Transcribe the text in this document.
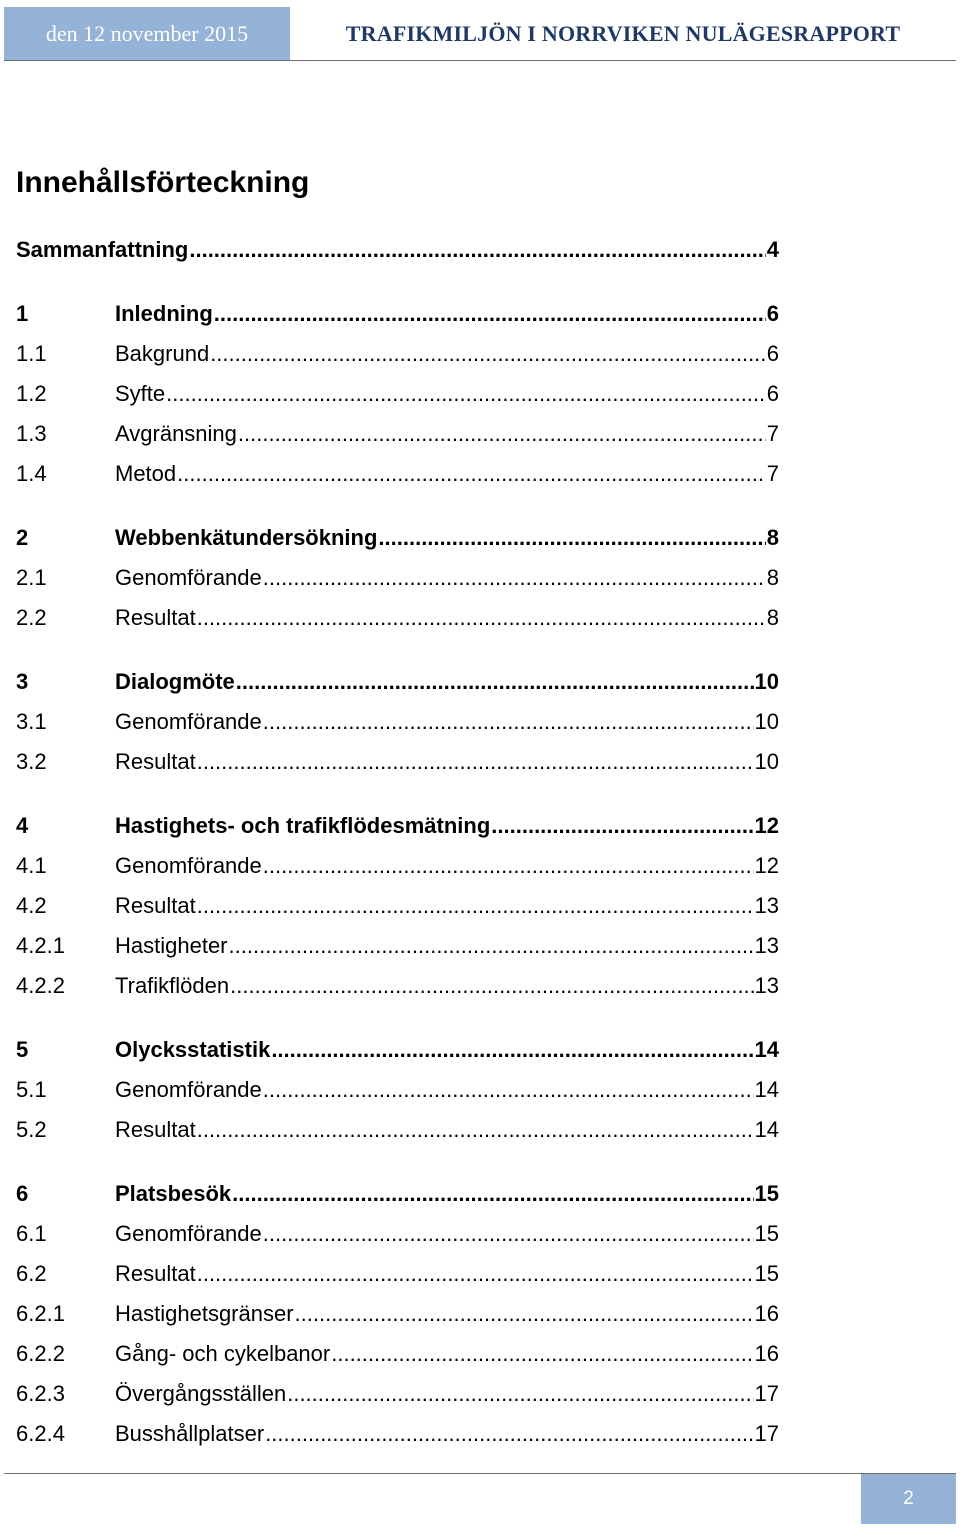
den 12 november 2015	TRAFIKMILJÖN I NORRVIKEN NULÄGESRAPPORT
Innehållsförteckning
Sammanfattning .....	4
1	Inledning .....	6
1.1	Bakgrund .....	6
1.2	Syfte .....	6
1.3	Avgränsning .....	7
1.4	Metod .....	7
2	Webbenkätundersökning .....	8
2.1	Genomförande .....	8
2.2	Resultat .....	8
3	Dialogmöte .....	10
3.1	Genomförande .....	10
3.2	Resultat .....	10
4	Hastighets- och trafikflödesmätning .....	12
4.1	Genomförande .....	12
4.2	Resultat .....	13
4.2.1	Hastigheter .....	13
4.2.2	Trafikflöden .....	13
5	Olycksstatistik .....	14
5.1	Genomförande .....	14
5.2	Resultat .....	14
6	Platsbesök .....	15
6.1	Genomförande .....	15
6.2	Resultat .....	15
6.2.1	Hastighetsgränser .....	16
6.2.2	Gång- och cykelbanor .....	16
6.2.3	Övergångsställen .....	17
6.2.4	Busshållplatser .....	17
2
